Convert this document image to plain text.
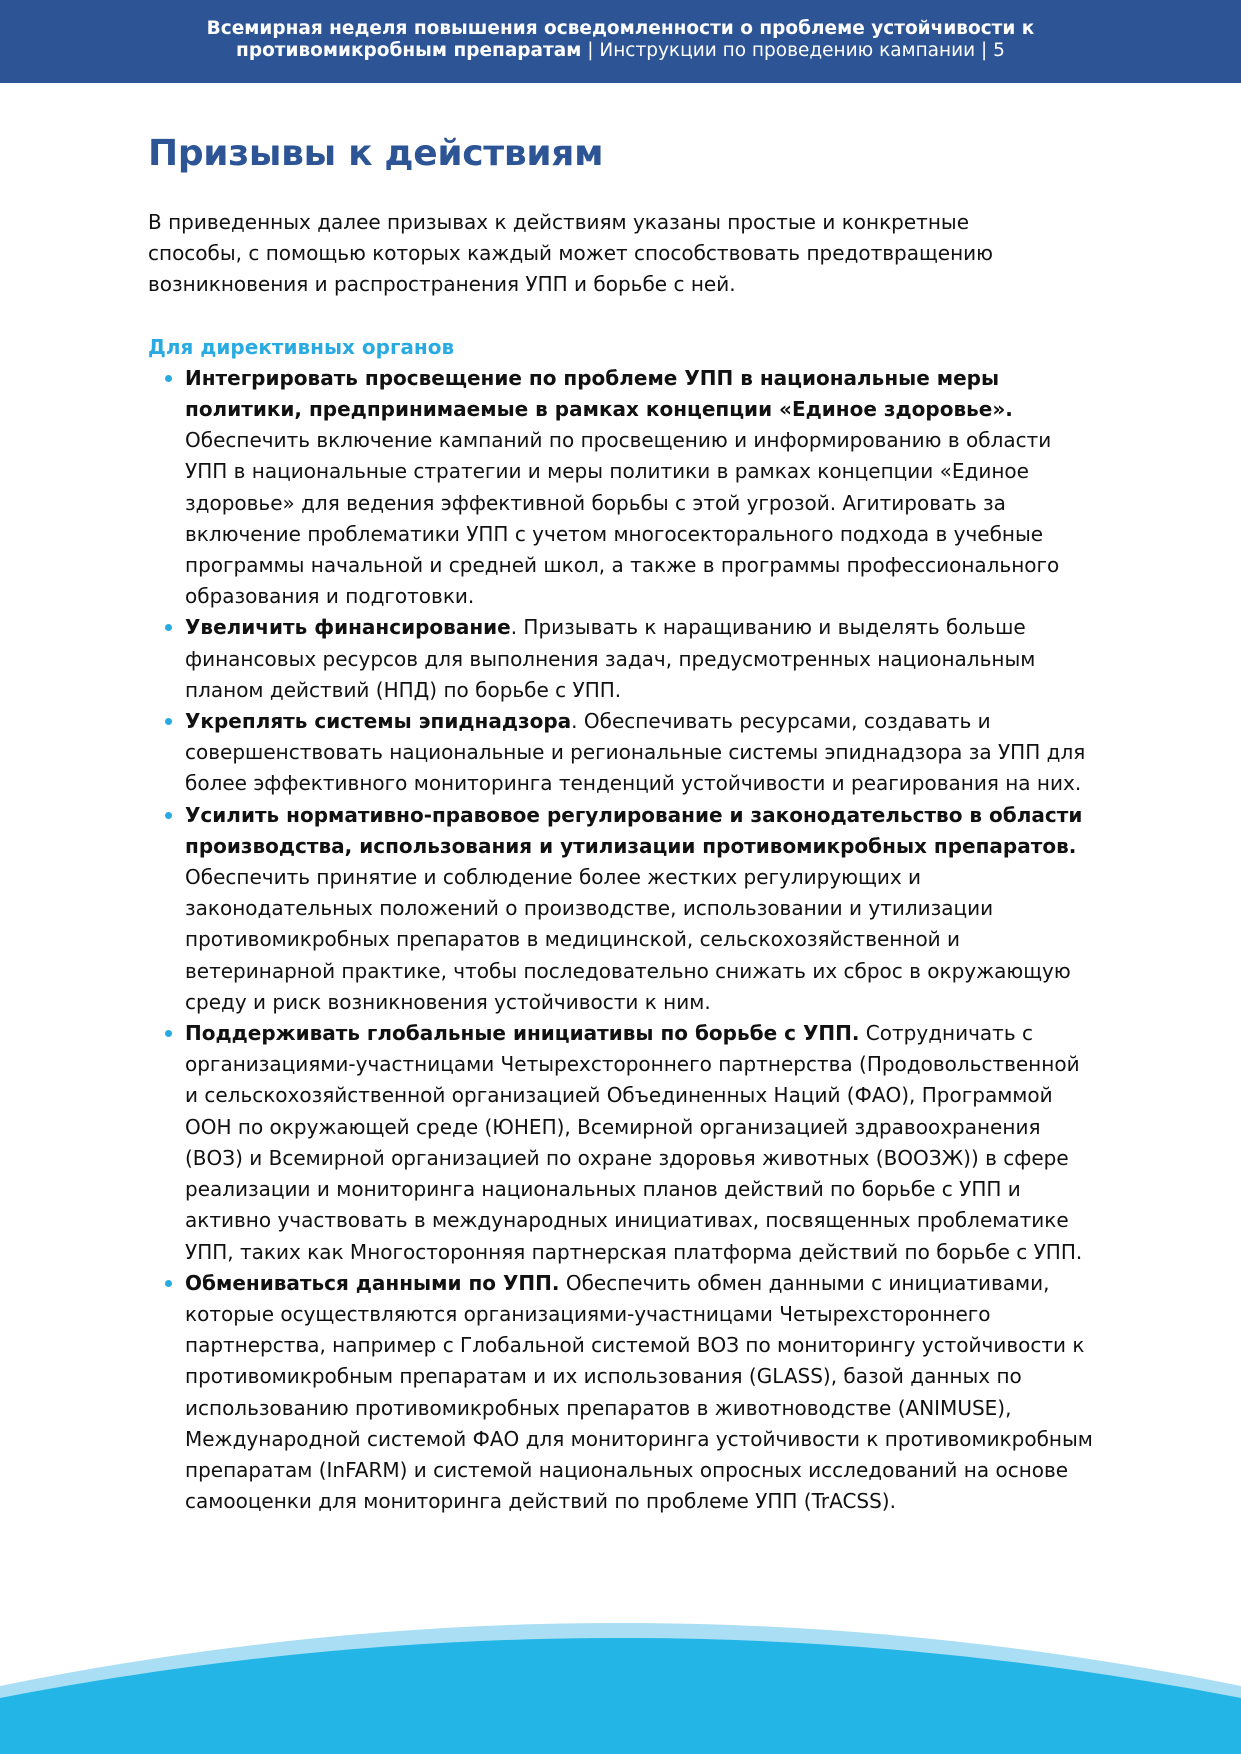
Всемирная неделя повышения осведомленности о проблеме устойчивости к
противомикробным препаратам | Инструкции по проведению кампании | 5
Призывы к действиям

В приведенных далее призывах к действиям указаны простые и конкретные способы, с помощью которых каждый может способствовать предотвращению возникновения и распространения УПП и борьбе с ней.

Для директивных органов
Интегрировать просвещение по проблеме УПП в национальные меры политики, предпринимаемые в рамках концепции «Единое здоровье». Обеспечить включение кампаний по просвещению и информированию в области УПП в национальные стратегии и меры политики в рамках концепции «Единое здоровье» для ведения эффективной борьбы с этой угрозой. Агитировать за включение проблематики УПП с учетом многосекторального подхода в учебные программы начальной и средней школ, а также в программы профессионального образования и подготовки.
Увеличить финансирование. Призывать к наращиванию и выделять больше финансовых ресурсов для выполнения задач, предусмотренных национальным планом действий (НПД) по борьбе с УПП.
Укреплять системы эпиднадзора. Обеспечивать ресурсами, создавать и совершенствовать национальные и региональные системы эпиднадзора за УПП для более эффективного мониторинга тенденций устойчивости и реагирования на них.
Усилить нормативно-правовое регулирование и законодательство в области производства, использования и утилизации противомикробных препаратов. Обеспечить принятие и соблюдение более жестких регулирующих и законодательных положений о производстве, использовании и утилизации противомикробных препаратов в медицинской, сельскохозяйственной и ветеринарной практике, чтобы последовательно снижать их сброс в окружающую среду и риск возникновения устойчивости к ним.
Поддерживать глобальные инициативы по борьбе с УПП. Сотрудничать с организациями-участницами Четырехстороннего партнерства (Продовольственной и сельскохозяйственной организацией Объединенных Наций (ФАО), Программой ООН по окружающей среде (ЮНЕП), Всемирной организацией здравоохранения (ВОЗ) и Всемирной организацией по охране здоровья животных (ВООЗЖ)) в сфере реализации и мониторинга национальных планов действий по борьбе с УПП и активно участвовать в международных инициативах, посвященных проблематике УПП, таких как Многосторонняя партнерская платформа действий по борьбе с УПП.
Обмениваться данными по УПП. Обеспечить обмен данными с инициативами, которые осуществляются организациями-участницами Четырехстороннего партнерства, например с Глобальной системой ВОЗ по мониторингу устойчивости к противомикробным препаратам и их использования (GLASS), базой данных по использованию противомикробных препаратов в животноводстве (ANIMUSE), Международной системой ФАО для мониторинга устойчивости к противомикробным препаратам (InFARM) и системой национальных опросных исследований на основе самооценки для мониторинга действий по проблеме УПП (TrACSS).
